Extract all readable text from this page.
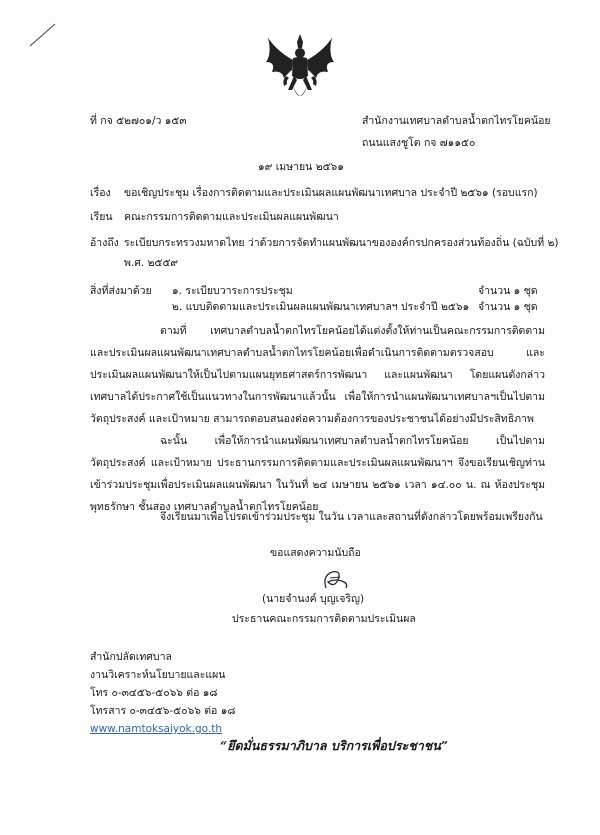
ที่ กจ ๕๒๗๐๑/ว ๑๕๓	สำนักงานเทศบาลตำบลน้ำตกไทรโยคน้อย
ถนนแสงชูโต กจ ๗๑๑๕๐
๑๙ เมษายน ๒๕๖๑
เรื่อง ขอเชิญประชุม เรื่องการติดตามและประเมินผลแผนพัฒนาเทศบาล ประจำปี ๒๕๖๑ (รอบแรก)
เรียน คณะกรรมการติดตามและประเมินผลแผนพัฒนา
อ้างถึง ระเบียบกระทรวงมหาดไทย ว่าด้วยการจัดทำแผนพัฒนาขององค์กรปกครองส่วนท้องถิ่น (ฉบับที่ ๒)
พ.ศ. ๒๕๕๙
สิ่งที่ส่งมาด้วย ๑. ระเบียบวาระการประชุม	จำนวน ๑ ชุด
๒. แบบติดตามและประเมินผลแผนพัฒนาเทศบาลฯ ประจำปี ๒๕๖๑ จำนวน ๑ ชุด
ตามที่ เทศบาลตำบลน้ำตกไทรโยคน้อยได้แต่งตั้งให้ท่านเป็นคณะกรรมการติดตาม และประเมินผลแผนพัฒนาเทศบาลตำบลน้ำตกไทรโยคน้อยเพื่อดำเนินการติดตามตรวจสอบ และประเมินผลแผนพัฒนาให้เป็นไปตามแผนยุทธศาสตร์การพัฒนา และแผนพัฒนา โดยแผนดังกล่าวเทศบาลได้ประกาศใช้เป็นแนวทางในการพัฒนาแล้วนั้น เพื่อให้การนำแผนพัฒนาเทศบาลฯเป็นไปตามวัตถุประสงค์ และเป้าหมาย สามารถตอบสนองต่อความต้องการของประชาชนได้อย่างมีประสิทธิภาพ
ฉะนั้น เพื่อให้การนำแผนพัฒนาเทศบาลตำบลน้ำตกไทรโยคน้อย เป็นไปตามวัตถุประสงค์ และเป้าหมาย ประธานกรรมการติดตามและประเมินผลแผนพัฒนาฯ จึงขอเรียนเชิญท่านเข้าร่วมประชุมเพื่อประเมินผลแผนพัฒนา ในวันที่ ๒๔ เมษายน ๒๕๖๑ เวลา ๑๔.๐๐ น. ณ ห้องประชุมพุทธรักษา ชั้นสอง เทศบาลตำบลน้ำตกไทรโยคน้อย
จึงเรียนมาเพื่อโปรดเข้าร่วมประชุม ในวัน เวลาและสถานที่ดังกล่าวโดยพร้อมเพรียงกัน
ขอแสดงความนับถือ
(นายจำนงค์ บุญเจริญ)
ประธานคณะกรรมการติดตามประเมินผล
สำนักปลัดเทศบาล
งานวิเคราะห์นโยบายและแผน
โทร ๐-๓๔๕๖-๕๐๖๖ ต่อ ๑๘
โทรสาร ๐-๓๔๕๖-๕๐๖๖ ต่อ ๑๘
www.namtoksaiyok.go.th
“ยึดมั่นธรรมาภิบาล บริการเพื่อประชาชน”
